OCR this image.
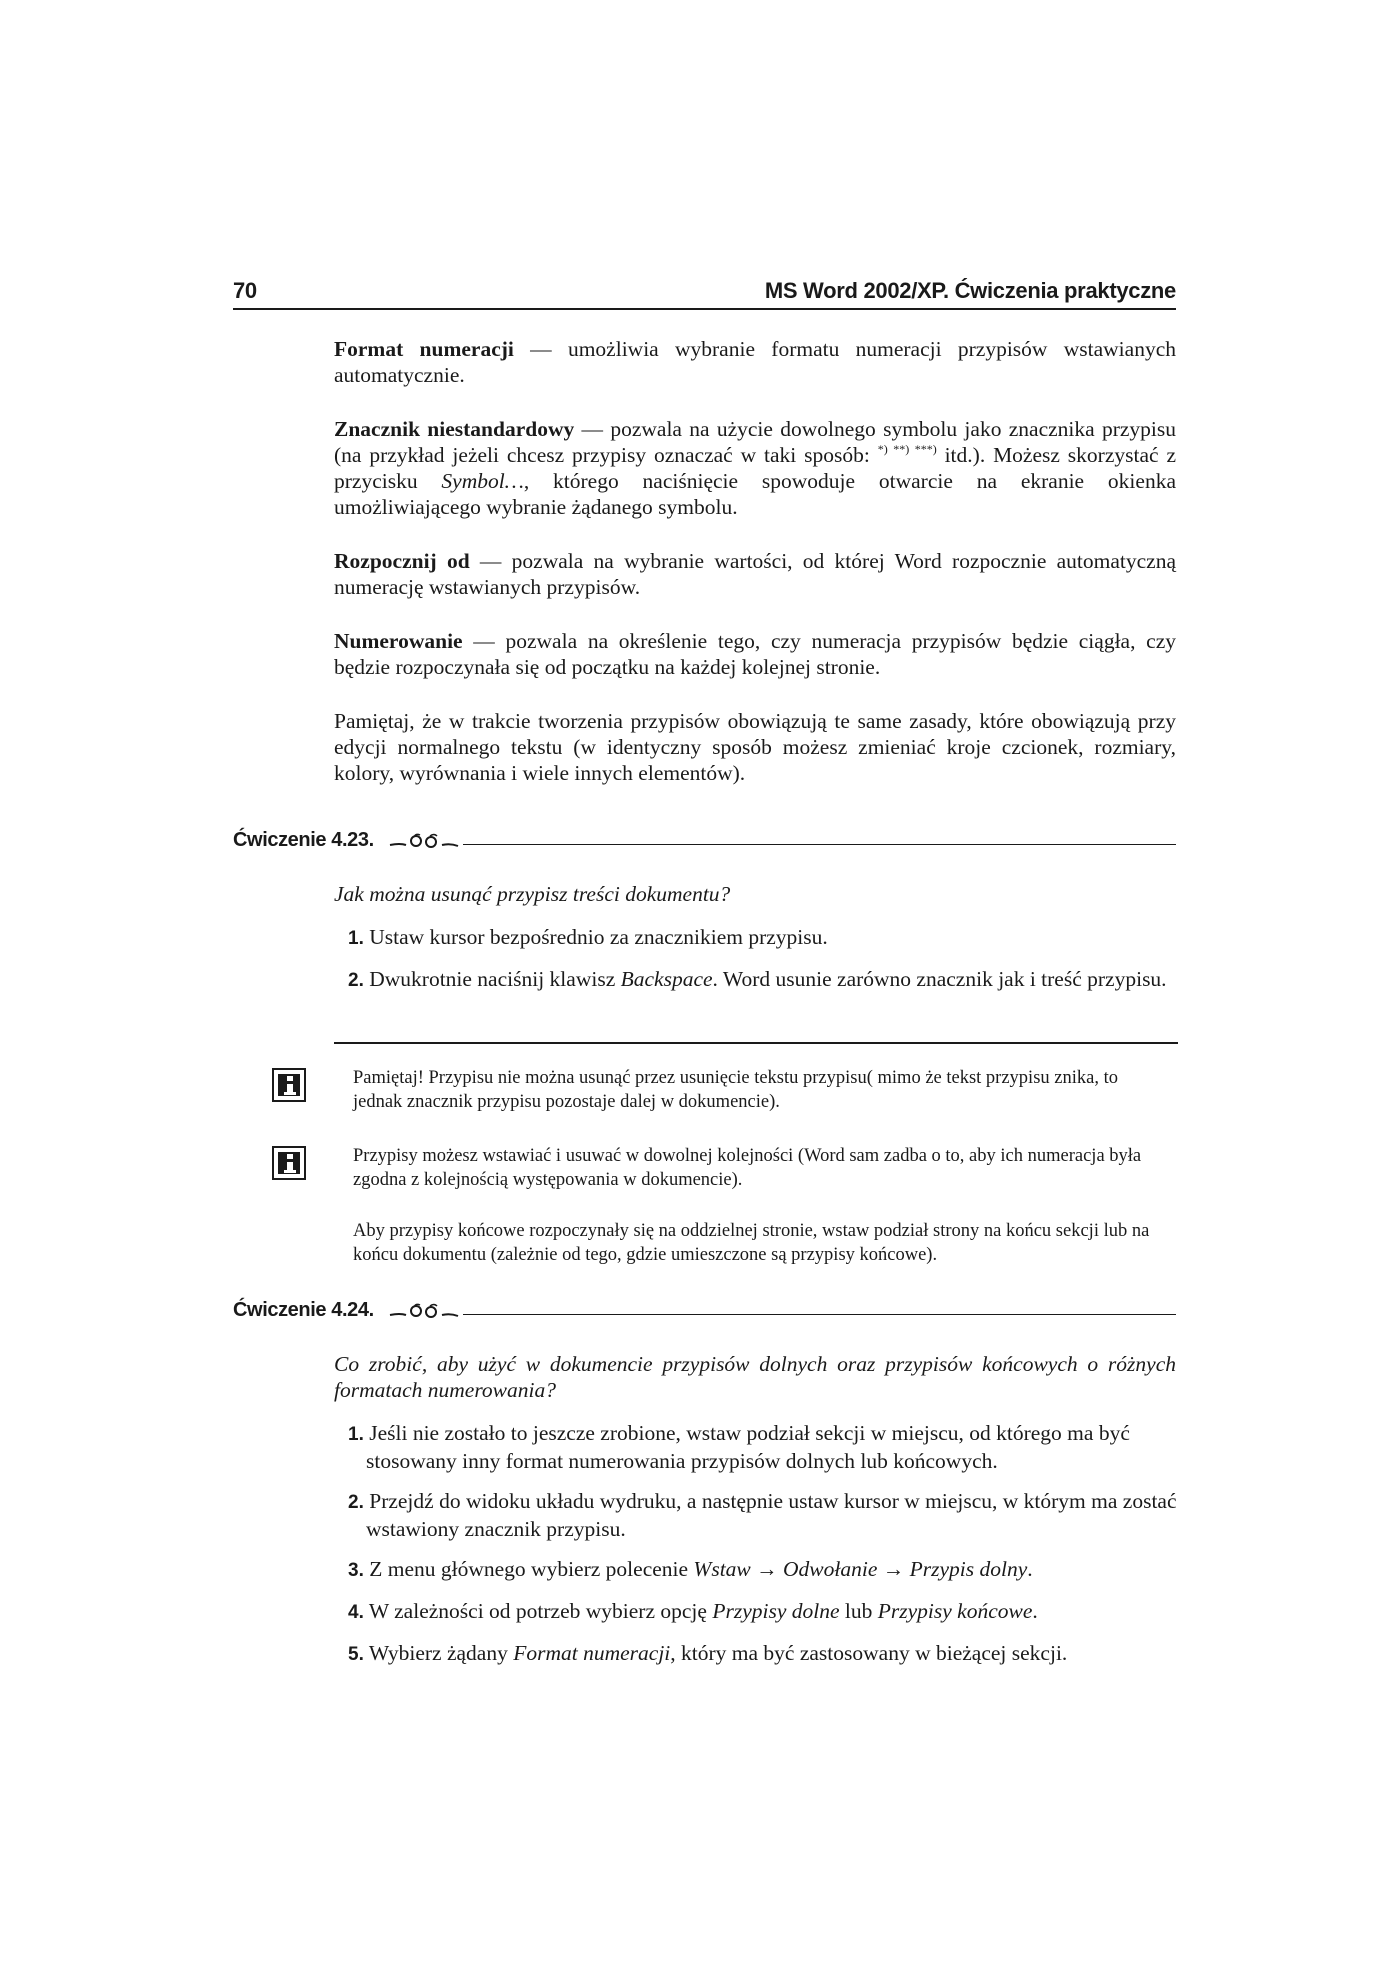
70	MS Word 2002/XP. Ćwiczenia praktyczne

Format numeracji — umożliwia wybranie formatu numeracji przypisów wstawianych automatycznie.

Znacznik niestandardowy — pozwala na użycie dowolnego symbolu jako znacznika przypisu (na przykład jeżeli chcesz przypisy oznaczać w taki sposób: *) **) ***) itd.). Możesz skorzystać z przycisku Symbol…, którego naciśnięcie spowoduje otwarcie na ekranie okienka umożliwiającego wybranie żądanego symbolu.

Rozpocznij od — pozwala na wybranie wartości, od której Word rozpocznie automatyczną numerację wstawianych przypisów.

Numerowanie — pozwala na określenie tego, czy numeracja przypisów będzie ciągła, czy będzie rozpoczynała się od początku na każdej kolejnej stronie.

Pamiętaj, że w trakcie tworzenia przypisów obowiązują te same zasady, które obowiązują przy edycji normalnego tekstu (w identyczny sposób możesz zmieniać kroje czcionek, rozmiary, kolory, wyrównania i wiele innych elementów).

Ćwiczenie 4.23.

Jak można usunąć przypisz treści dokumentu?

1. Ustaw kursor bezpośrednio za znacznikiem przypisu.

2. Dwukrotnie naciśnij klawisz Backspace. Word usunie zarówno znacznik jak i treść przypisu.

Pamiętaj! Przypisu nie można usunąć przez usunięcie tekstu przypisu( mimo że tekst przypisu znika, to jednak znacznik przypisu pozostaje dalej w dokumencie).

Przypisy możesz wstawiać i usuwać w dowolnej kolejności (Word sam zadba o to, aby ich numeracja była zgodna z kolejnością występowania w dokumencie).

Aby przypisy końcowe rozpoczynały się na oddzielnej stronie, wstaw podział strony na końcu sekcji lub na końcu dokumentu (zależnie od tego, gdzie umieszczone są przypisy końcowe).

Ćwiczenie 4.24.

Co zrobić, aby użyć w dokumencie przypisów dolnych oraz przypisów końcowych o różnych formatach numerowania?

1. Jeśli nie zostało to jeszcze zrobione, wstaw podział sekcji w miejscu, od którego ma być stosowany inny format numerowania przypisów dolnych lub końcowych.

2. Przejdź do widoku układu wydruku, a następnie ustaw kursor w miejscu, w którym ma zostać wstawiony znacznik przypisu.

3. Z menu głównego wybierz polecenie Wstaw → Odwołanie → Przypis dolny.

4. W zależności od potrzeb wybierz opcję Przypisy dolne lub Przypisy końcowe.

5. Wybierz żądany Format numeracji, który ma być zastosowany w bieżącej sekcji.
